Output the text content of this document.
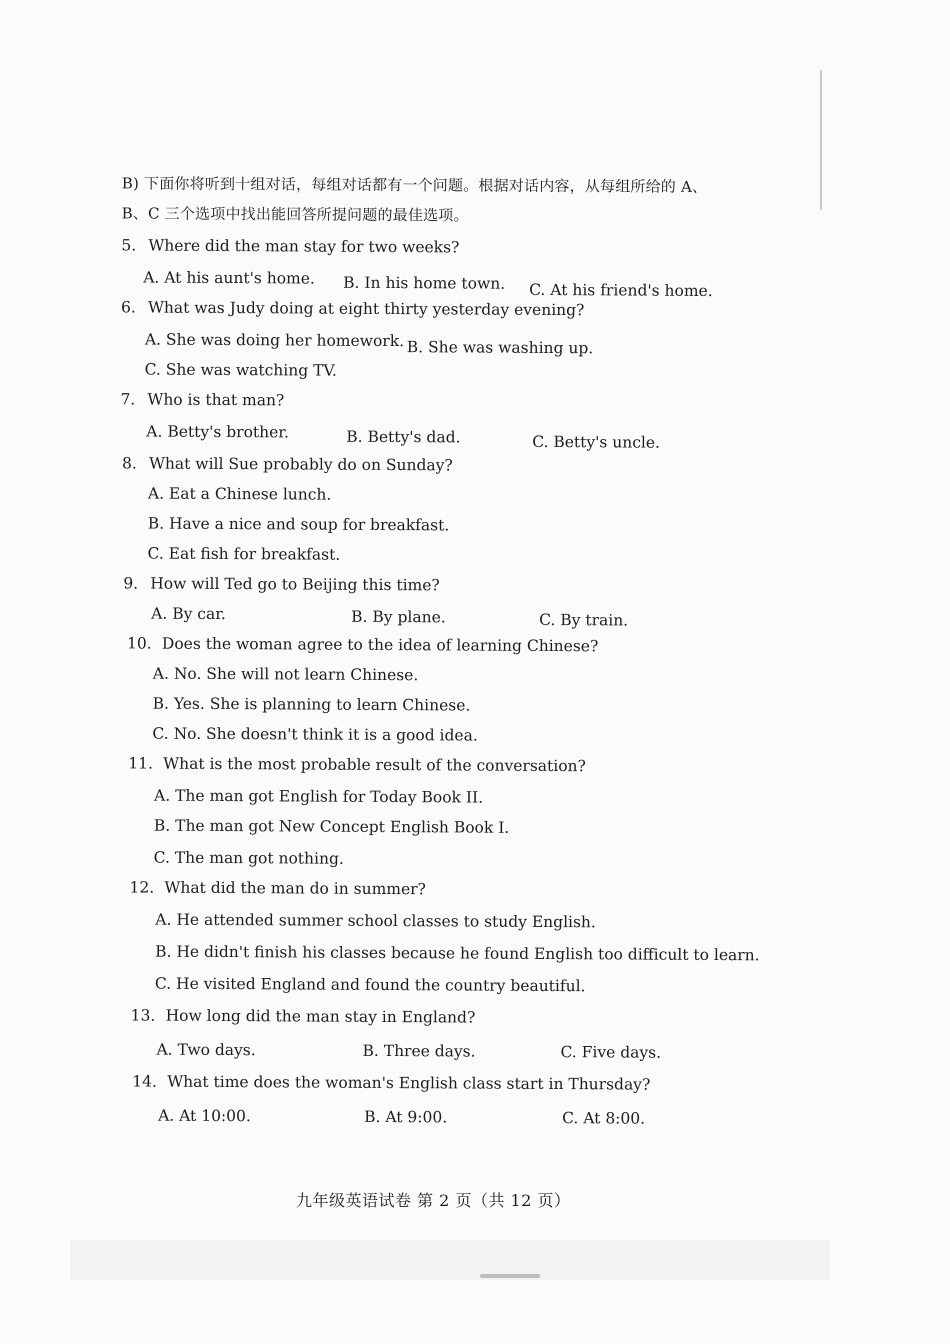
B) 下面你将听到十组对话，每组对话都有一个问题。根据对话内容，从每组所给的 A、
B、C 三个选项中找出能回答所提问题的最佳选项。
5. Where did the man stay for two weeks?
A. At his aunt's home. B. In his home town. C. At his friend's home.
6. What was Judy doing at eight thirty yesterday evening?
A. She was doing her homework. B. She was washing up.
C. She was watching TV.
7. Who is that man?
A. Betty's brother.	B. Betty's dad.	C. Betty's uncle.
8. What will Sue probably do on Sunday?
A. Eat a Chinese lunch.
B. Have a nice and soup for breakfast.
C. Eat fish for breakfast.
9. How will Ted go to Beijing this time?
A. By car.	B. By plane.	C. By train.
10. Does the woman agree to the idea of learning Chinese?
A. No. She will not learn Chinese.
B. Yes. She is planning to learn Chinese.
C. No. She doesn't think it is a good idea.
11. What is the most probable result of the conversation?
A. The man got English for Today Book II.
B. The man got New Concept English Book I.
C. The man got nothing.
12. What did the man do in summer?
A. He attended summer school classes to study English.
B. He didn't finish his classes because he found English too difficult to learn.
C. He visited England and found the country beautiful.
13. How long did the man stay in England?
A. Two days.	B. Three days.	C. Five days.
14. What time does the woman's English class start in Thursday?
A. At 10:00.	B. At 9:00.	C. At 8:00.
九年级英语试卷 第 2 页（共 12 页）
